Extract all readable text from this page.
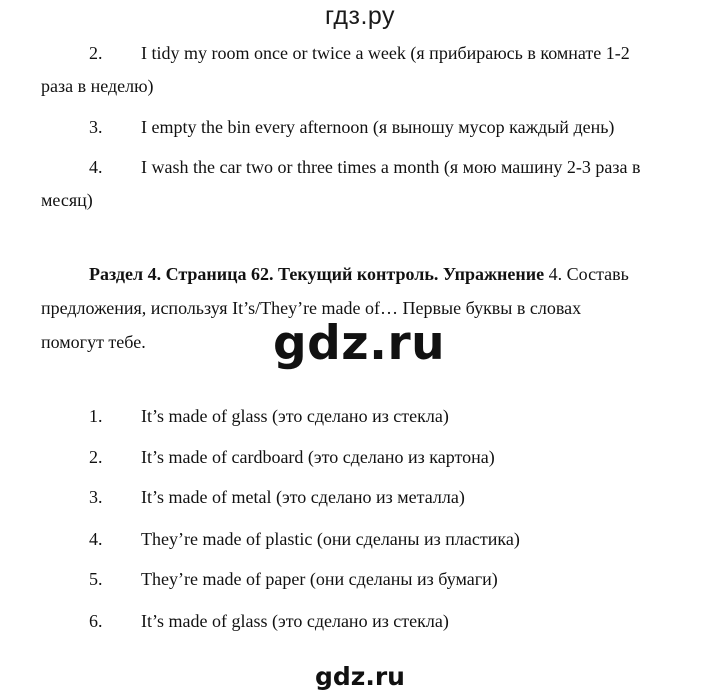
гдз.ру
2. I tidy my room once or twice a week (я прибираюсь в комнате 1-2
раза в неделю)
3. I empty the bin every afternoon (я выношу мусор каждый день)
4. I wash the car two or three times a month (я мою машину 2-3 раза в
месяц)
Раздел 4. Страница 62. Текущий контроль. Упражнение 4. Составь
предложения, используя It’s/They’re made of… Первые буквы в словах
помогут тебе.	gdz.ru
1. It’s made of glass (это сделано из стекла)
2. It’s made of cardboard (это сделано из картона)
3. It’s made of metal (это сделано из металла)
4. They’re made of plastic (они сделаны из пластика)
5. They’re made of paper (они сделаны из бумаги)
6. It’s made of glass (это сделано из стекла)
gdz.ru
